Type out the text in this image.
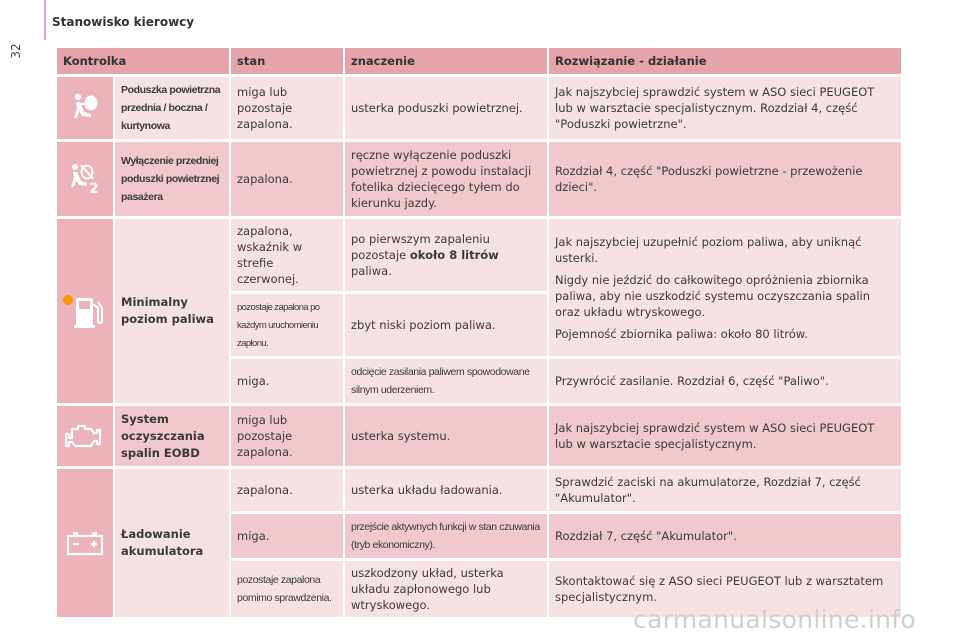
Stanowisko kierowcy
32
Kontrolka		stan	znaczenie	Rozwiązanie - działanie

	Poduszka powietrzna przednia / boczna / kurtynowa	miga lub pozostaje zapalona.	usterka poduszki powietrznej.	Jak najszybciej sprawdzić system w ASO sieci PEUGEOT lub w warsztacie specjalistycznym. Rozdział 4, część "Poduszki powietrzne".

2	Wyłączenie przedniej poduszki powietrznej pasażera	zapalona.	ręczne wyłączenie poduszki powietrznej z powodu instalacji fotelika dziecięcego tyłem do kierunku jazdy.	Rozdział 4, część "Poduszki powietrzne - przewożenie dzieci".

	Minimalny poziom paliwa	zapalona, wskaźnik w strefie czerwonej.	po pierwszym zapaleniu pozostaje około 8 litrów paliwa.	Jak najszybciej uzupełnić poziom paliwa, aby uniknąć usterki.

Nigdy nie jeździć do całkowitego opróżnienia zbiornika paliwa, aby nie uszkodzić systemu oczyszczania spalin oraz układu wtryskowego.

Pojemność zbiornika paliwa: około 80 litrów.

		pozostaje zapalona po każdym uruchomieniu zapłonu.	zbyt niski poziom paliwa.	
		miga.	odcięcie zasilania paliwem spowodowane silnym uderzeniem.	Przywrócić zasilanie. Rozdział 6, część "Paliwo".

	System oczyszczania spalin EOBD	miga lub pozostaje zapalona.	usterka systemu.	Jak najszybciej sprawdzić system w ASO sieci PEUGEOT lub w warsztacie specjalistycznym.

	Ładowanie akumulatora	zapalona.	usterka układu ładowania.	Sprawdzić zaciski na akumulatorze, Rozdział 7, część "Akumulator".
		miga.	przejście aktywnych funkcji w stan czuwania (tryb ekonomiczny).	Rozdział 7, część "Akumulator".
		pozostaje zapalona pomimo sprawdzenia.	uszkodzony układ, usterka układu zapłonowego lub wtryskowego.	Skontaktować się z ASO sieci PEUGEOT lub z warsztatem specjalistycznym.
carmanualsonline.info
